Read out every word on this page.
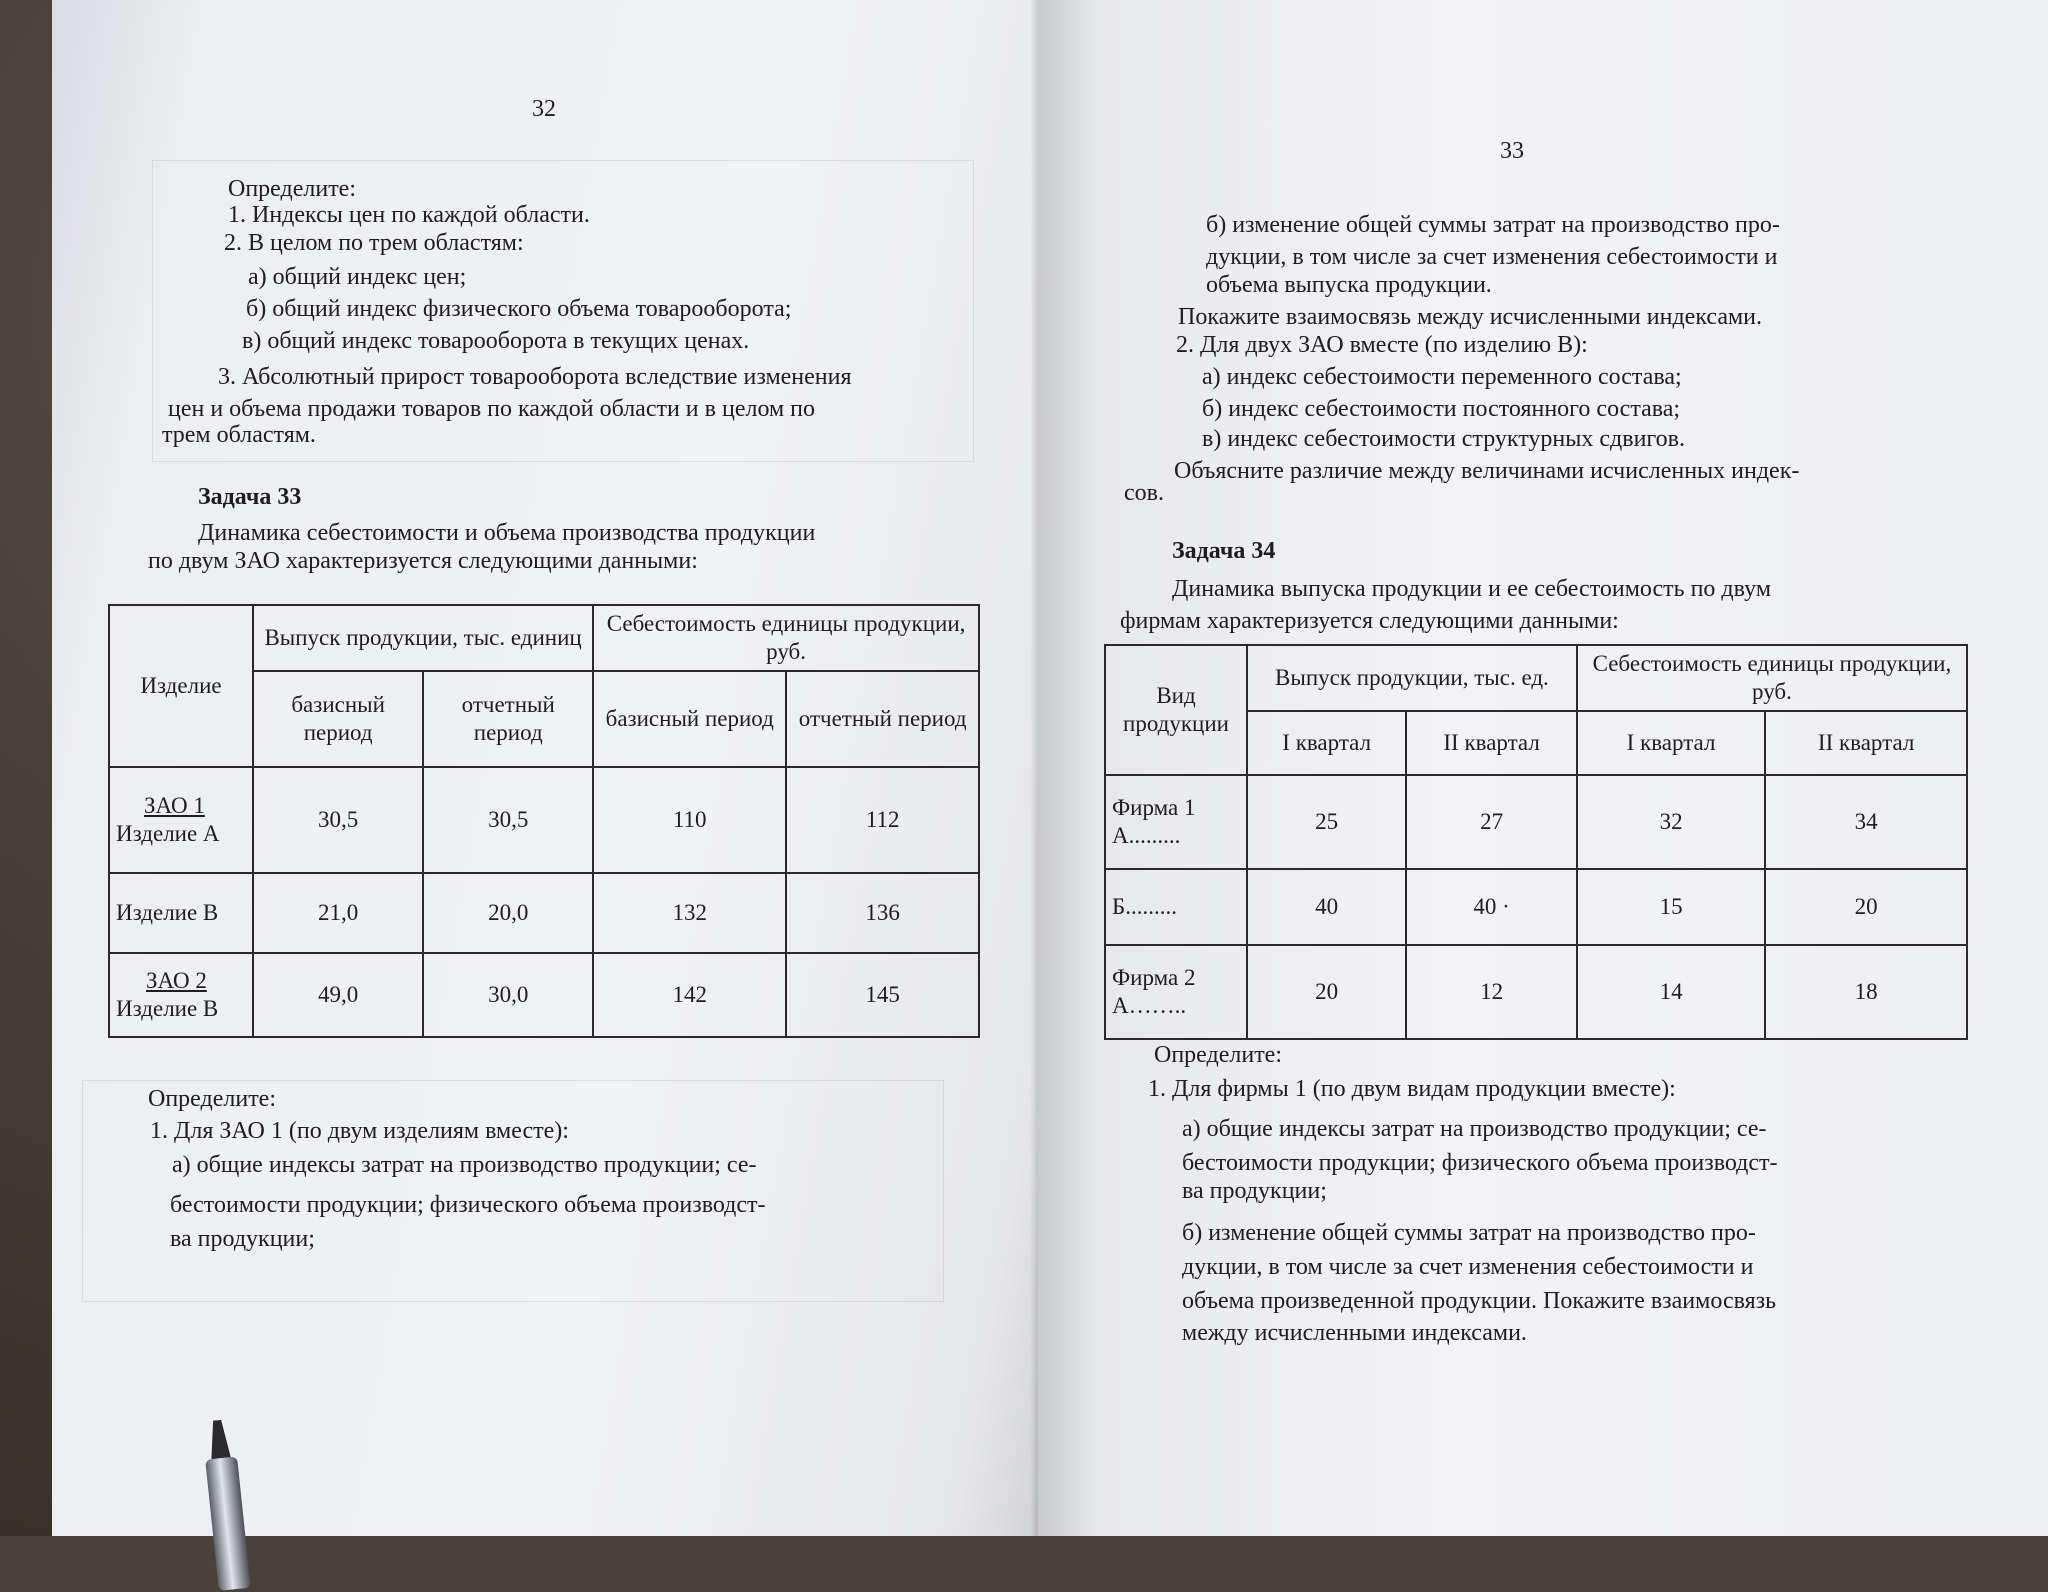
32
Определите:
1. Индексы цен по каждой области.
2. В целом по трем областям:
а) общий индекс цен;
б) общий индекс физического объема товарооборота;
в) общий индекс товарооборота в текущих ценах.
3. Абсолютный прирост товарооборота вследствие изменения
цен и объема продажи товаров по каждой области и в целом по
трем областям.
Задача 33
Динамика себестоимости и объема производства продукции
по двум ЗАО характеризуется следующими данными:
Изделие	Выпуск продукции, тыс. единиц		Себестоимость единицы продукции, руб.	
	базисный период	отчетный период	базисный период	отчетный период

ЗАО 1
Изделие А	30,5	30,5	110	112

Изделие В	21,0	20,0	132	136

ЗАО 2
Изделие В	49,0	30,0	142	145
Определите:
1. Для ЗАО 1 (по двум изделиям вместе):
а) общие индексы затрат на производство продукции; се-
бестоимости продукции; физического объема производст-
ва продукции;
33
б) изменение общей суммы затрат на производство про-
дукции, в том числе за счет изменения себестоимости и
объема выпуска продукции.
Покажите взаимосвязь между исчисленными индексами.
2. Для двух ЗАО вместе (по изделию В):
а) индекс себестоимости переменного состава;
б) индекс себестоимости постоянного состава;
в) индекс себестоимости структурных сдвигов.
Объясните различие между величинами исчисленных индек-
сов.
Задача 34
Динамика выпуска продукции и ее себестоимость по двум
фирмам характеризуется следующими данными:
Вид продукции	Выпуск продукции, тыс. ед.		Себестоимость единицы продукции, руб.	
	I квартал	II квартал	I квартал	II квартал

Фирма 1
А.........	25	27	32	34

Б.........	40	40 ·	15	20

Фирма 2
А……..	20	12	14	18
Определите:
1. Для фирмы 1 (по двум видам продукции вместе):
а) общие индексы затрат на производство продукции; се-
бестоимости продукции; физического объема производст-
ва продукции;
б) изменение общей суммы затрат на производство про-
дукции, в том числе за счет изменения себестоимости и
объема произведенной продукции. Покажите взаимосвязь
между исчисленными индексами.
